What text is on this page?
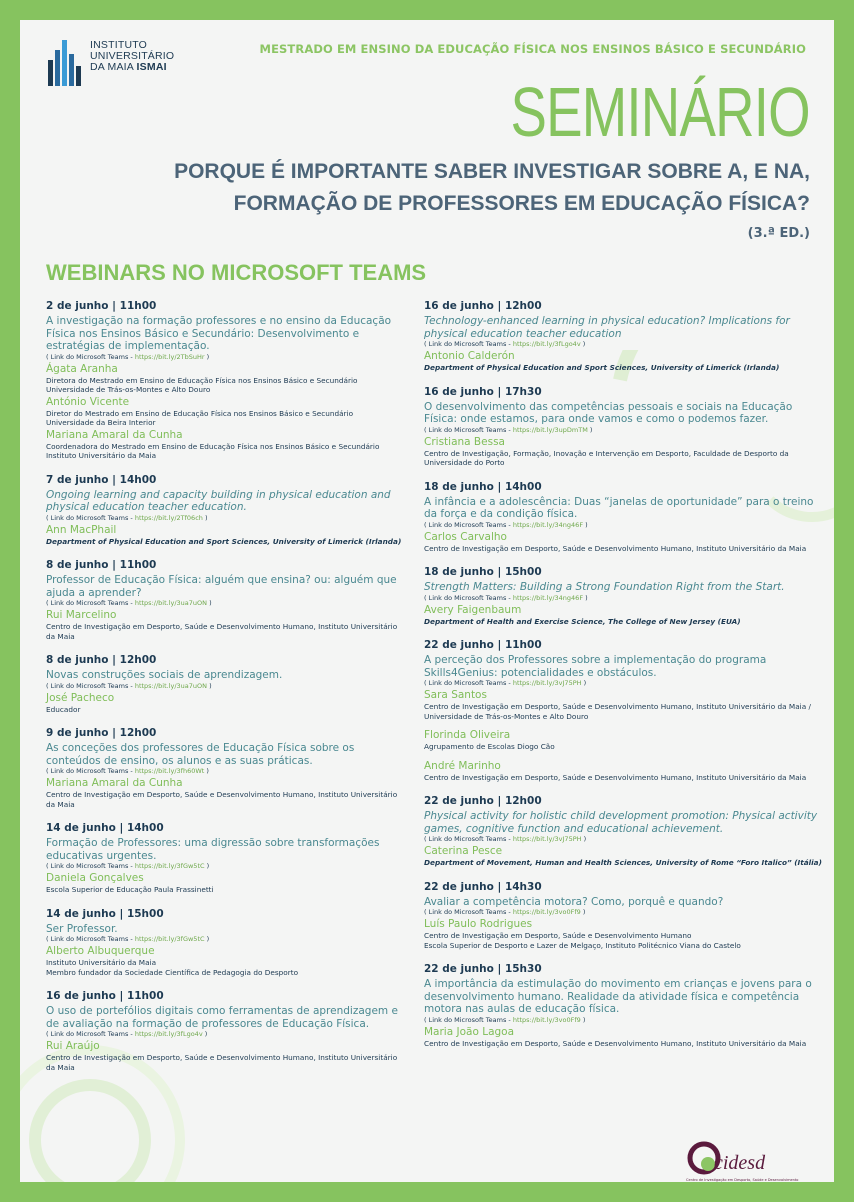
INSTITUTO
UNIVERSITÁRIO
DA MAIA ISMAI
MESTRADO EM ENSINO DA EDUCAÇÃO FÍSICA NOS ENSINOS BÁSICO E SECUNDÁRIO
SEMINÁRIO
PORQUE É IMPORTANTE SABER INVESTIGAR SOBRE A, E NA,
FORMAÇÃO DE PROFESSORES EM EDUCAÇÃO FÍSICA?
(3.ª ED.)
WEBINARS NO MICROSOFT TEAMS
2 de junho | 11h00
A investigação na formação professores e no ensino da Educação Física nos Ensinos Básico e Secundário: Desenvolvimento e estratégias de implementação.
( Link do Microsoft Teams - https://bit.ly/2TbSuHr )
Ágata Aranha
Diretora do Mestrado em Ensino de Educação Física nos Ensinos Básico e Secundário
Universidade de Trás-os-Montes e Alto Douro
António Vicente
Diretor do Mestrado em Ensino de Educação Física nos Ensinos Básico e Secundário
Universidade da Beira Interior
Mariana Amaral da Cunha
Coordenadora do Mestrado em Ensino de Educação Física nos Ensinos Básico e Secundário
Instituto Universitário da Maia
7 de junho | 14h00
Ongoing learning and capacity building in physical education and physical education teacher education.
( Link do Microsoft Teams - https://bit.ly/2Tf06ch )
Ann MacPhail
Department of Physical Education and Sport Sciences, University of Limerick (Irlanda)
8 de junho | 11h00
Professor de Educação Física: alguém que ensina? ou: alguém que ajuda a aprender?
( Link do Microsoft Teams - https://bit.ly/3ua7uON )
Rui Marcelino
Centro de Investigação em Desporto, Saúde e Desenvolvimento Humano, Instituto Universitário da Maia
8 de junho | 12h00
Novas construções sociais de aprendizagem.
( Link do Microsoft Teams - https://bit.ly/3ua7uON )
José Pacheco
Educador
9 de junho | 12h00
As conceções dos professores de Educação Física sobre os conteúdos de ensino, os alunos e as suas práticas.
( Link do Microsoft Teams - https://bit.ly/3fh60Wt )
Mariana Amaral da Cunha
Centro de Investigação em Desporto, Saúde e Desenvolvimento Humano, Instituto Universitário da Maia
14 de junho | 14h00
Formação de Professores: uma digressão sobre transformações educativas urgentes.
( Link do Microsoft Teams - https://bit.ly/3fGw5tC )
Daniela Gonçalves
Escola Superior de Educação Paula Frassinetti
14 de junho | 15h00
Ser Professor.
( Link do Microsoft Teams - https://bit.ly/3fGw5tC )
Alberto Albuquerque
Instituto Universitário da Maia
Membro fundador da Sociedade Científica de Pedagogia do Desporto
16 de junho | 11h00
O uso de portefólios digitais como ferramentas de aprendizagem e de avaliação na formação de professores de Educação Física.
( Link do Microsoft Teams - https://bit.ly/3fLgo4v )
Rui Araújo
Centro de Investigação em Desporto, Saúde e Desenvolvimento Humano, Instituto Universitário da Maia
16 de junho | 12h00
Technology-enhanced learning in physical education? Implications for physical education teacher education
( Link do Microsoft Teams - https://bit.ly/3fLgo4v )
Antonio Calderón
Department of Physical Education and Sport Sciences, University of Limerick (Irlanda)
16 de junho | 17h30
O desenvolvimento das competências pessoais e sociais na Educação Física: onde estamos, para onde vamos e como o podemos fazer.
( Link do Microsoft Teams - https://bit.ly/3upDmTM )
Cristiana Bessa
Centro de Investigação, Formação, Inovação e Intervenção em Desporto, Faculdade de Desporto da Universidade do Porto
18 de junho | 14h00
A infância e a adolescência: Duas “janelas de oportunidade” para o treino da força e da condição física.
( Link do Microsoft Teams - https://bit.ly/34ng46F )
Carlos Carvalho
Centro de Investigação em Desporto, Saúde e Desenvolvimento Humano, Instituto Universitário da Maia
18 de junho | 15h00
Strength Matters: Building a Strong Foundation Right from the Start.
( Link do Microsoft Teams - https://bit.ly/34ng46F )
Avery Faigenbaum
Department of Health and Exercise Science, The College of New Jersey (EUA)
22 de junho | 11h00
A perceção dos Professores sobre a implementação do programa Skills4Genius: potencialidades e obstáculos.
( Link do Microsoft Teams - https://bit.ly/3vJ75PH )
Sara Santos
Centro de Investigação em Desporto, Saúde e Desenvolvimento Humano, Instituto Universitário da Maia / Universidade de Trás-os-Montes e Alto Douro
Florinda Oliveira
Agrupamento de Escolas Diogo Cão
André Marinho
Centro de Investigação em Desporto, Saúde e Desenvolvimento Humano, Instituto Universitário da Maia
22 de junho | 12h00
Physical activity for holistic child development promotion: Physical activity games, cognitive function and educational achievement.
( Link do Microsoft Teams - https://bit.ly/3vJ75PH )
Caterina Pesce
Department of Movement, Human and Health Sciences, University of Rome “Foro Italico” (Itália)
22 de junho | 14h30
Avaliar a competência motora? Como, porquê e quando?
( Link do Microsoft Teams - https://bit.ly/3vo0Ff9 )
Luís Paulo Rodrigues
Centro de Investigação em Desporto, Saúde e Desenvolvimento Humano
Escola Superior de Desporto e Lazer de Melgaço, Instituto Politécnico Viana do Castelo
22 de junho | 15h30
A importância da estimulação do movimento em crianças e jovens para o desenvolvimento humano. Realidade da atividade física e competência motora nas aulas de educação física.
( Link do Microsoft Teams - https://bit.ly/3vo0Ff9 )
Maria João Lagoa
Centro de Investigação em Desporto, Saúde e Desenvolvimento Humano, Instituto Universitário da Maia
cidesd
Centro de Investigação em Desporto, Saúde e Desenvolvimento Humano · Research Center in Sports Sciences, Health Sciences and Human Development
